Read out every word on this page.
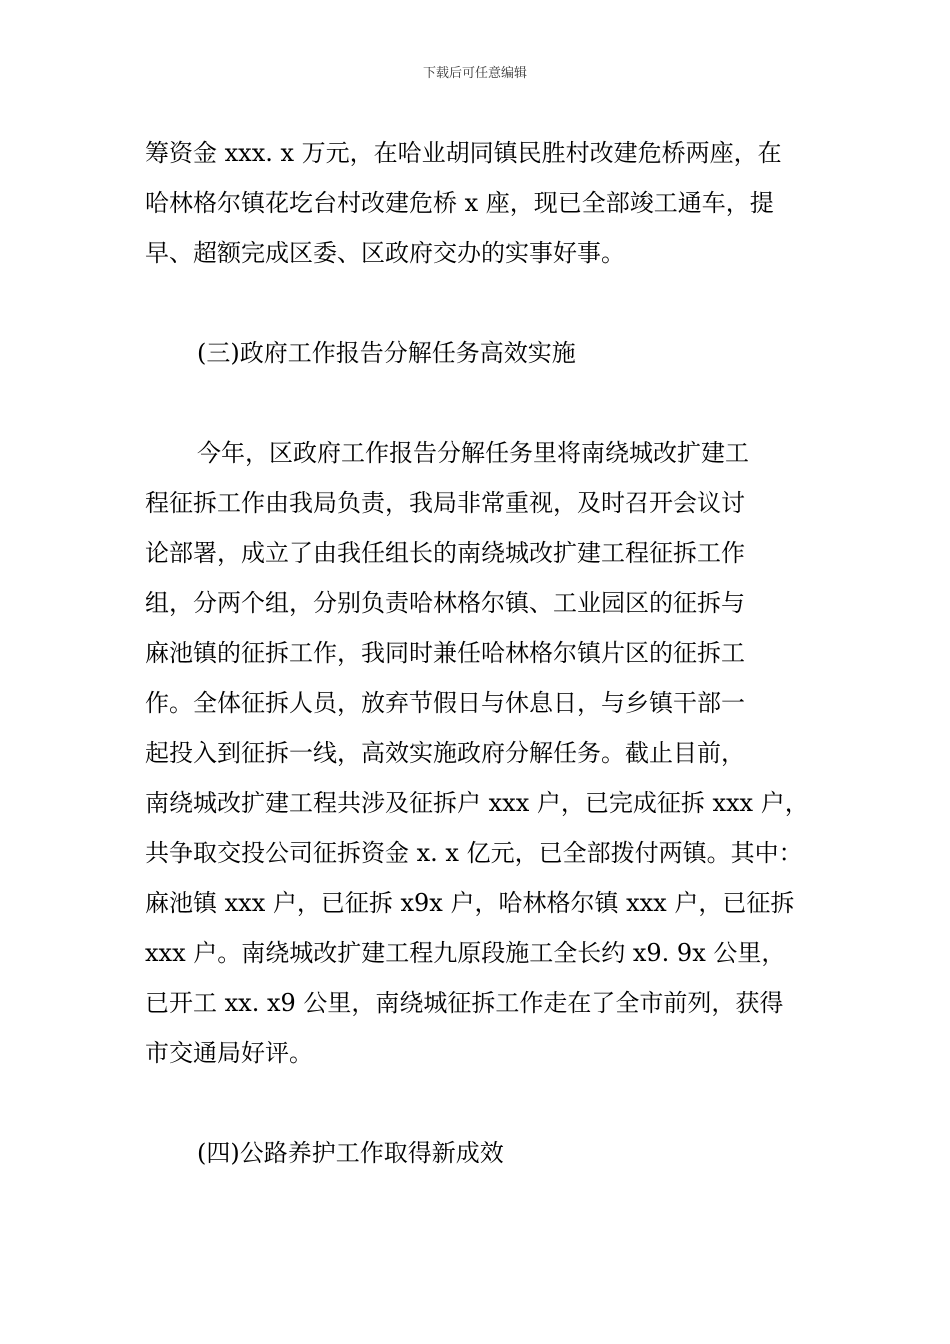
下载后可任意编辑
筹资金 xxx. x 万元，在哈业胡同镇民胜村改建危桥两座，在
哈林格尔镇花圪台村改建危桥 x 座，现已全部竣工通车，提
早、超额完成区委、区政府交办的实事好事。
(三)政府工作报告分解任务高效实施
今年，区政府工作报告分解任务里将南绕城改扩建工
程征拆工作由我局负责，我局非常重视，及时召开会议讨
论部署，成立了由我任组长的南绕城改扩建工程征拆工作
组，分两个组，分别负责哈林格尔镇、工业园区的征拆与
麻池镇的征拆工作，我同时兼任哈林格尔镇片区的征拆工
作。全体征拆人员，放弃节假日与休息日，与乡镇干部一
起投入到征拆一线，高效实施政府分解任务。截止目前，
南绕城改扩建工程共涉及征拆户 xxx 户，已完成征拆 xxx 户，
共争取交投公司征拆资金 x. x 亿元，已全部拨付两镇。其中：
麻池镇 xxx 户，已征拆 x9x 户，哈林格尔镇 xxx 户，已征拆
xxx 户。南绕城改扩建工程九原段施工全长约 x9. 9x 公里，
已开工 xx. x9 公里，南绕城征拆工作走在了全市前列，获得
市交通局好评。
(四)公路养护工作取得新成效
